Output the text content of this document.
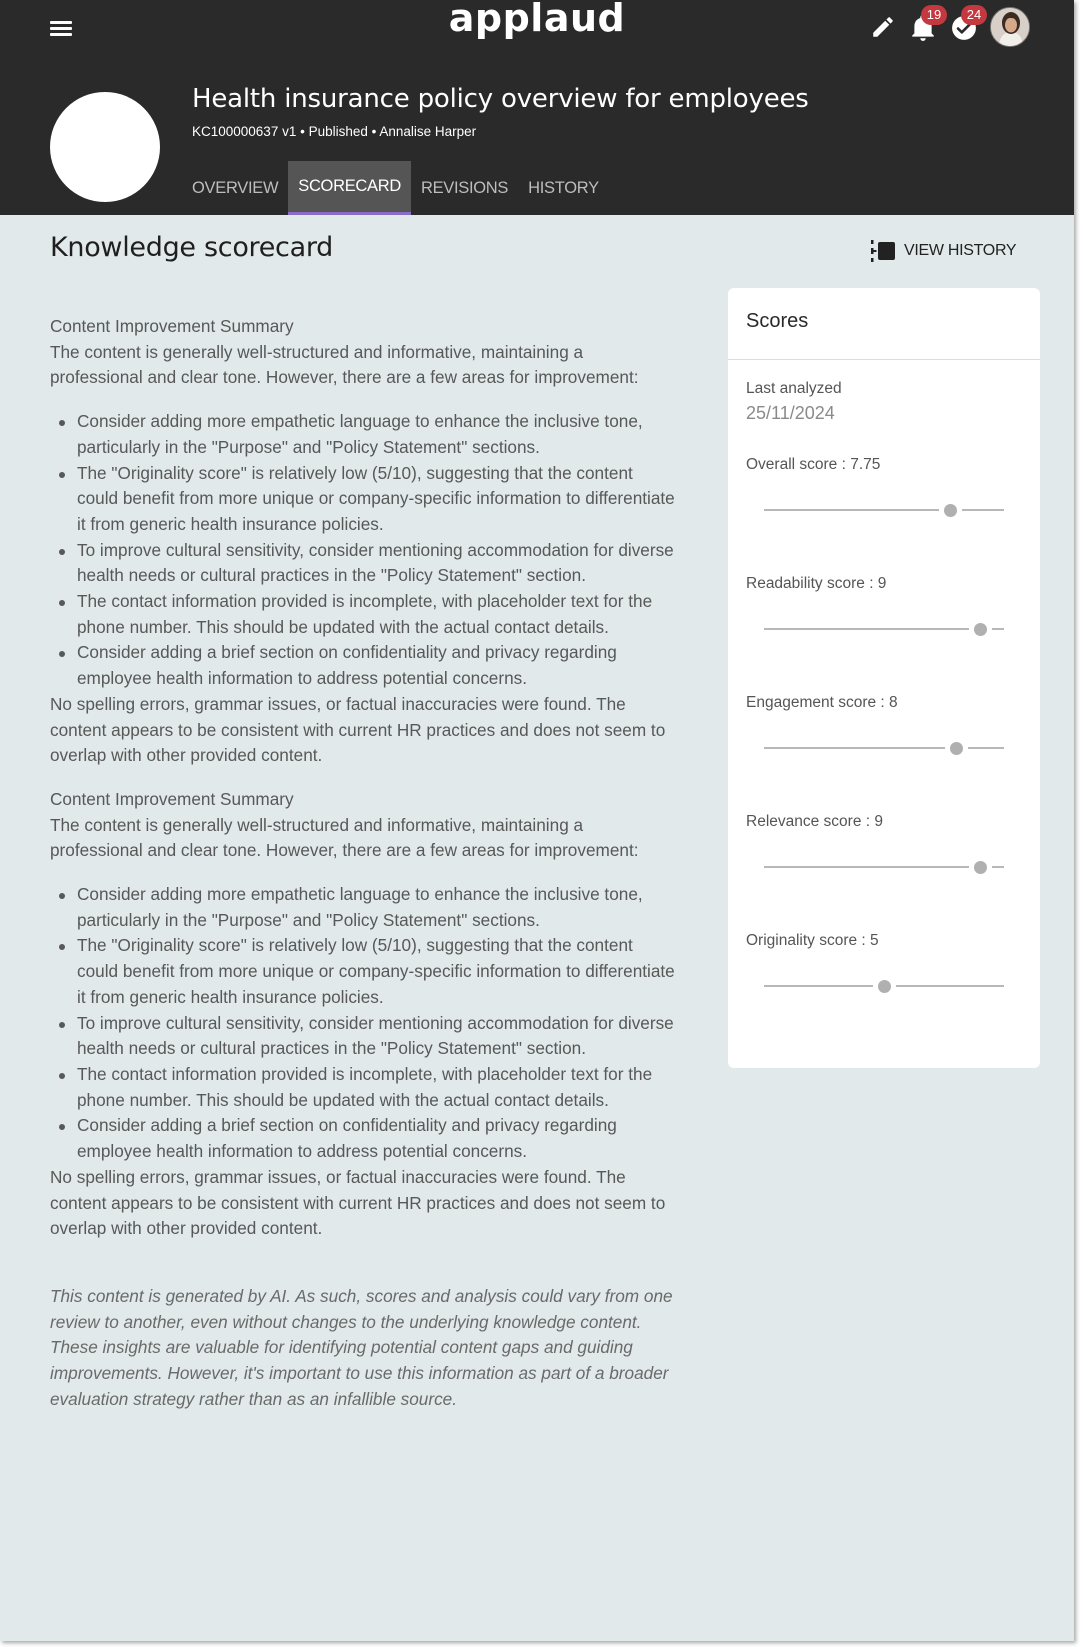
applaud	19	24
Health insurance policy overview for employees
KC100000637 v1 • Published • Annalise Harper
OVERVIEW	SCORECARD	REVISIONS	HISTORY
Knowledge scorecard	VIEW HISTORY
Content Improvement Summary
The content is generally well-structured and informative, maintaining a professional and clear tone. However, there are a few areas for improvement:
Consider adding more empathetic language to enhance the inclusive tone, particularly in the "Purpose" and "Policy Statement" sections.
The "Originality score" is relatively low (5/10), suggesting that the content could benefit from more unique or company-specific information to differentiate it from generic health insurance policies.
To improve cultural sensitivity, consider mentioning accommodation for diverse health needs or cultural practices in the "Policy Statement" section.
The contact information provided is incomplete, with placeholder text for the phone number. This should be updated with the actual contact details.
Consider adding a brief section on confidentiality and privacy regarding employee health information to address potential concerns.
No spelling errors, grammar issues, or factual inaccuracies were found. The content appears to be consistent with current HR practices and does not seem to overlap with other provided content.
Content Improvement Summary
The content is generally well-structured and informative, maintaining a professional and clear tone. However, there are a few areas for improvement:
Consider adding more empathetic language to enhance the inclusive tone, particularly in the "Purpose" and "Policy Statement" sections.
The "Originality score" is relatively low (5/10), suggesting that the content could benefit from more unique or company-specific information to differentiate it from generic health insurance policies.
To improve cultural sensitivity, consider mentioning accommodation for diverse health needs or cultural practices in the "Policy Statement" section.
The contact information provided is incomplete, with placeholder text for the phone number. This should be updated with the actual contact details.
Consider adding a brief section on confidentiality and privacy regarding employee health information to address potential concerns.
No spelling errors, grammar issues, or factual inaccuracies were found. The content appears to be consistent with current HR practices and does not seem to overlap with other provided content.
This content is generated by AI. As such, scores and analysis could vary from one review to another, even without changes to the underlying knowledge content. These insights are valuable for identifying potential content gaps and guiding improvements. However, it's important to use this information as part of a broader evaluation strategy rather than as an infallible source.
Scores
Last analyzed
25/11/2024
Overall score : 7.75
Readability score : 9
Engagement score : 8
Relevance score : 9
Originality score : 5
